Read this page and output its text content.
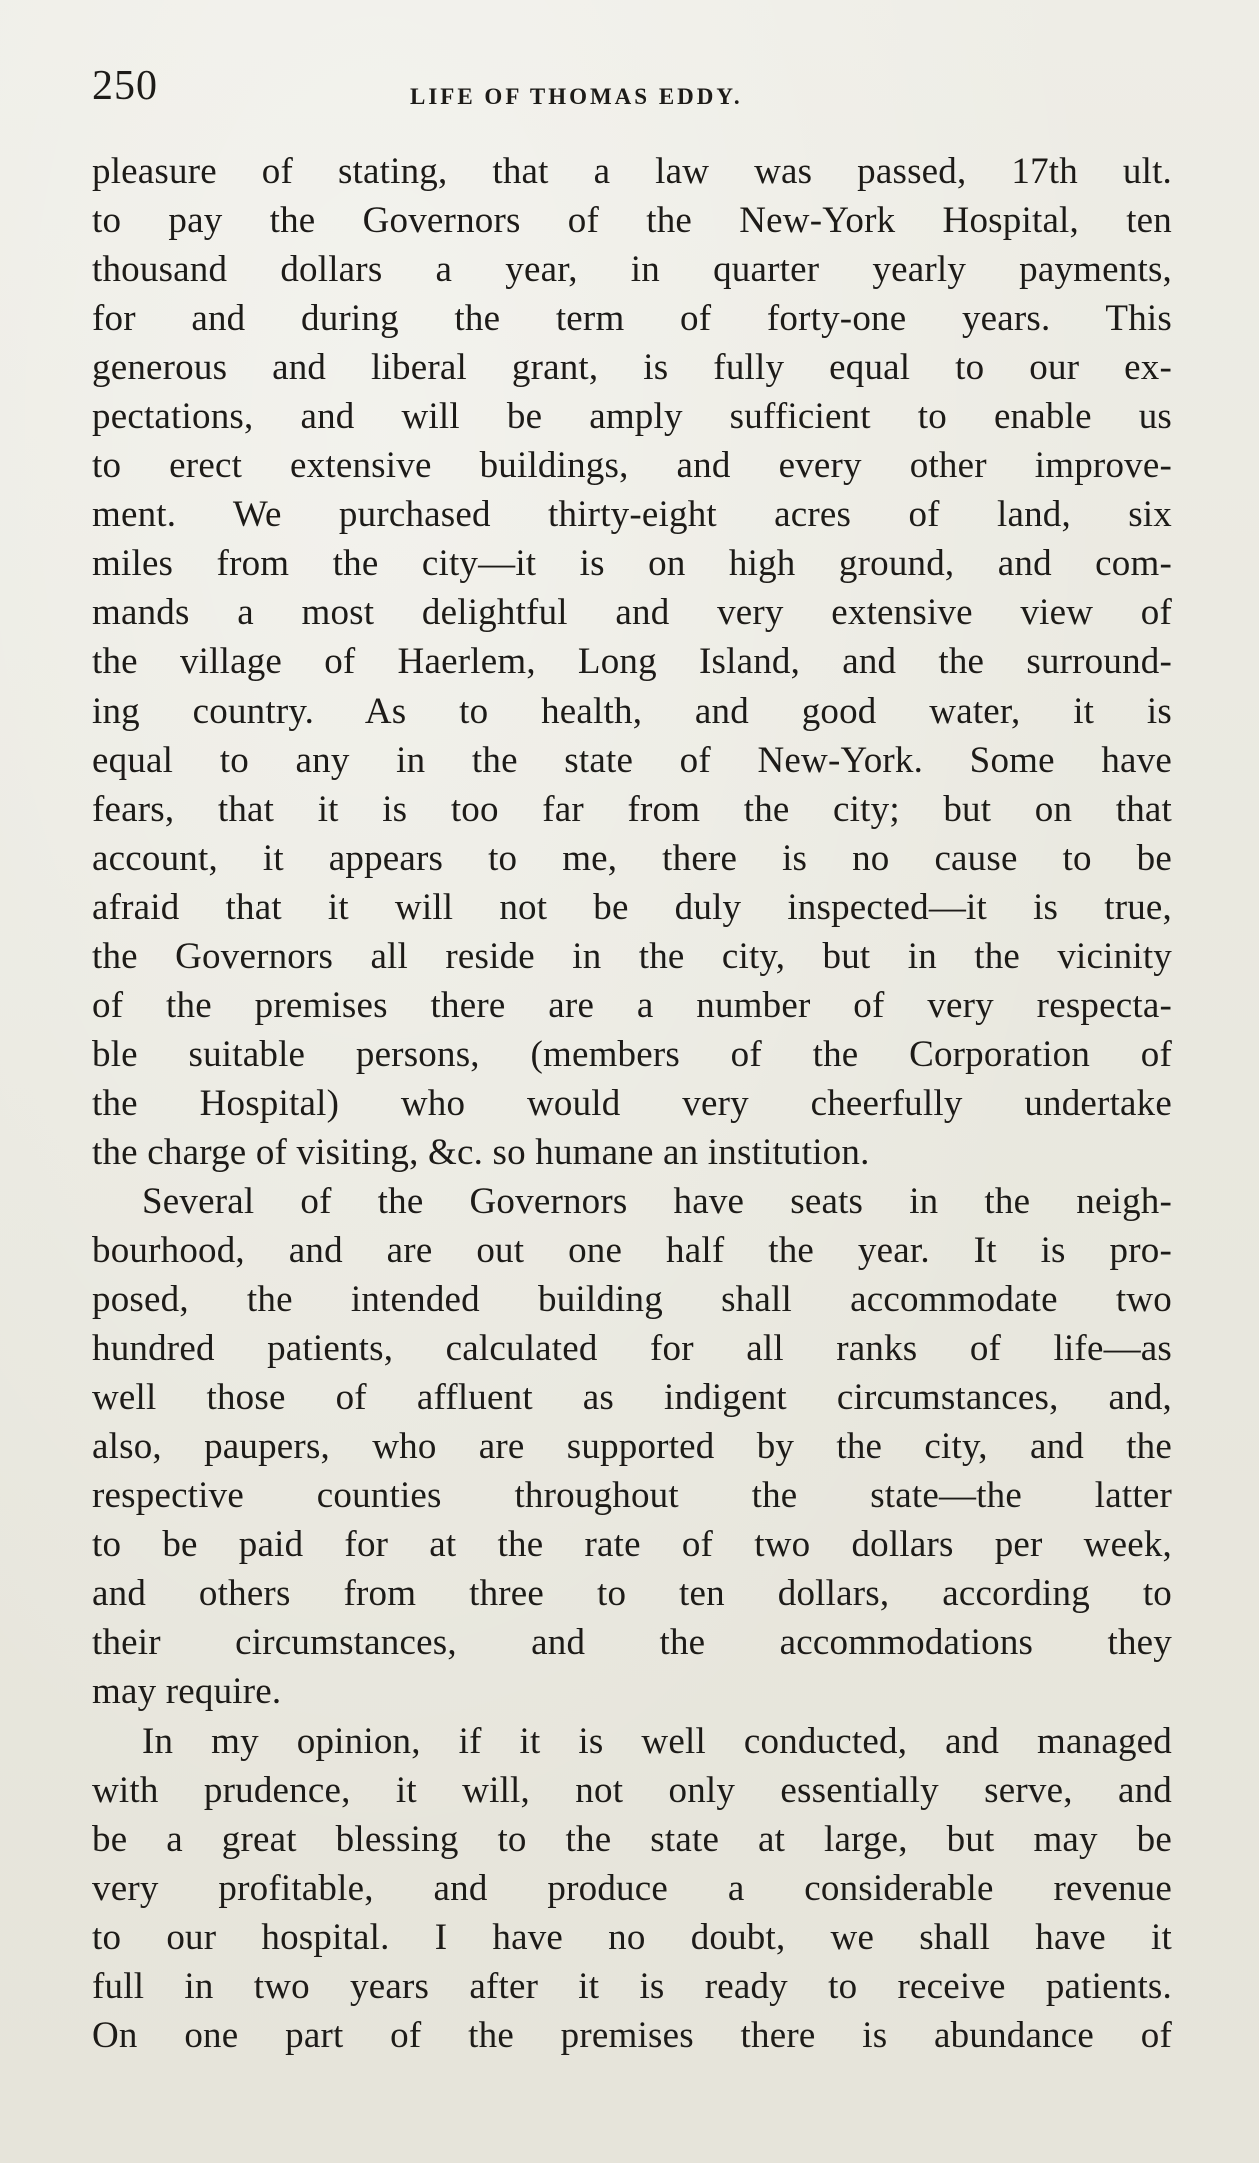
250	LIFE OF THOMAS EDDY.

pleasure of stating, that a law was passed, 17th ult.
to pay the Governors of the New-York Hospital, ten
thousand dollars a year, in quarter yearly payments,
for and during the term of forty-one years. This
generous and liberal grant, is fully equal to our ex-
pectations, and will be amply sufficient to enable us
to erect extensive buildings, and every other improve-
ment. We purchased thirty-eight acres of land, six
miles from the city—it is on high ground, and com-
mands a most delightful and very extensive view of
the village of Haerlem, Long Island, and the surround-
ing country. As to health, and good water, it is
equal to any in the state of New-York. Some have
fears, that it is too far from the city; but on that
account, it appears to me, there is no cause to be
afraid that it will not be duly inspected—it is true,
the Governors all reside in the city, but in the vicinity
of the premises there are a number of very respecta-
ble suitable persons, (members of the Corporation of
the Hospital) who would very cheerfully undertake
the charge of visiting, &c. so humane an institution.

Several of the Governors have seats in the neigh-
bourhood, and are out one half the year. It is pro-
posed, the intended building shall accommodate two
hundred patients, calculated for all ranks of life—as
well those of affluent as indigent circumstances, and,
also, paupers, who are supported by the city, and the
respective counties throughout the state—the latter
to be paid for at the rate of two dollars per week,
and others from three to ten dollars, according to
their circumstances, and the accommodations they
may require.

In my opinion, if it is well conducted, and managed
with prudence, it will, not only essentially serve, and
be a great blessing to the state at large, but may be
very profitable, and produce a considerable revenue
to our hospital. I have no doubt, we shall have it
full in two years after it is ready to receive patients.
On one part of the premises there is abundance of
